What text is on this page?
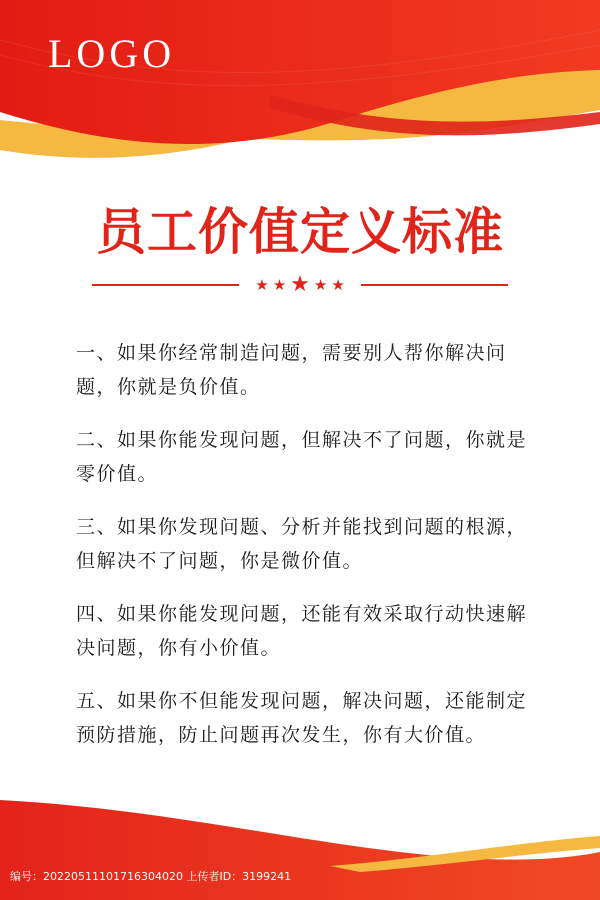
LOGO
员工价值定义标准
★ ★ ★ ★ ★

一、如果你经常制造问题，需要别人帮你解决问题，你就是负价值。

二、如果你能发现问题，但解决不了问题，你就是零价值。

三、如果你发现问题、分析并能找到问题的根源，但解决不了问题，你是微价值。

四、如果你能发现问题，还能有效采取行动快速解决问题，你有小价值。

五、如果你不但能发现问题，解决问题，还能制定预防措施，防止问题再次发生，你有大价值。

编号：20220511101716304020 上传者ID：3199241
